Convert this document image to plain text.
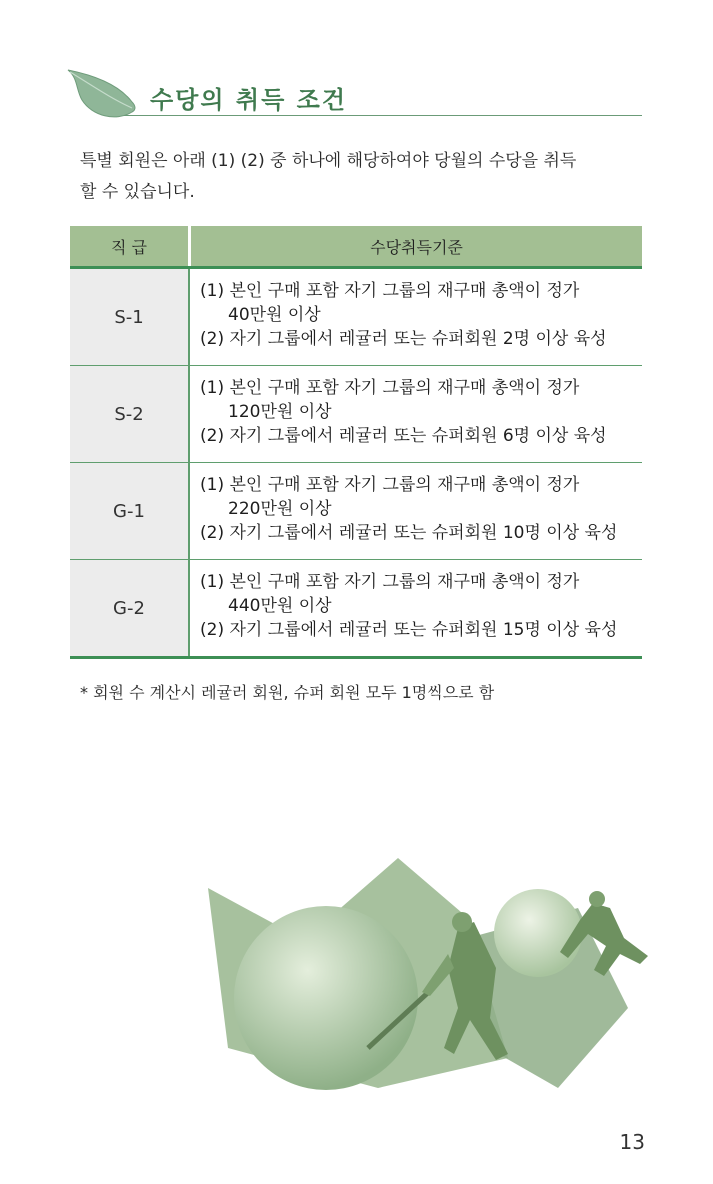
수당의 취득 조건
특별 회원은 아래 (1) (2) 중 하나에 해당하여야 당월의 수당을 취득
할 수 있습니다.
직 급	수당취득기준
S-1
(1) 본인 구매 포함 자기 그룹의 재구매 총액이 정가
40만원 이상
(2) 자기 그룹에서 레귤러 또는 슈퍼회원 2명 이상 육성
S-2
(1) 본인 구매 포함 자기 그룹의 재구매 총액이 정가
120만원 이상
(2) 자기 그룹에서 레귤러 또는 슈퍼회원 6명 이상 육성
G-1
(1) 본인 구매 포함 자기 그룹의 재구매 총액이 정가
220만원 이상
(2) 자기 그룹에서 레귤러 또는 슈퍼회원 10명 이상 육성
G-2
(1) 본인 구매 포함 자기 그룹의 재구매 총액이 정가
440만원 이상
(2) 자기 그룹에서 레귤러 또는 슈퍼회원 15명 이상 육성
* 회원 수 계산시 레귤러 회원, 슈퍼 회원 모두 1명씩으로 함
13
